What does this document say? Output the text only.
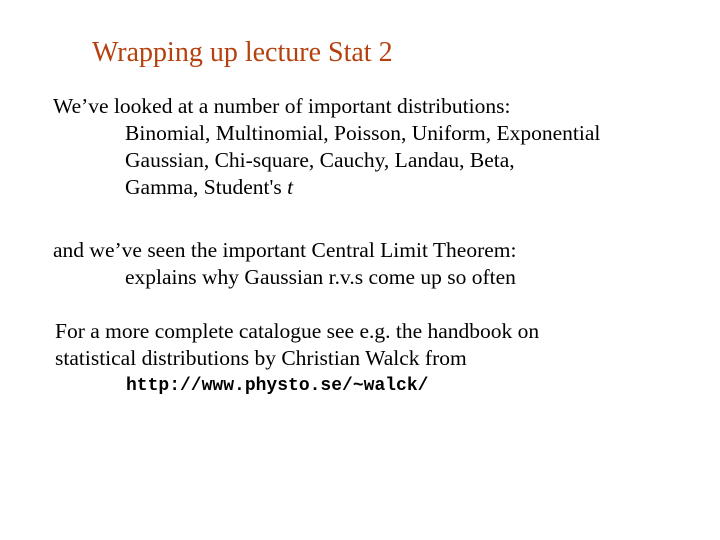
Wrapping up lecture Stat 2
We’ve looked at a number of important distributions:
Binomial, Multinomial, Poisson, Uniform, Exponential
Gaussian, Chi-square, Cauchy, Landau, Beta,
Gamma, Student's t
and we’ve seen the important Central Limit Theorem:
explains why Gaussian r.v.s come up so often
For a more complete catalogue see e.g. the handbook on
statistical distributions by Christian Walck from
http://www.physto.se/~walck/
